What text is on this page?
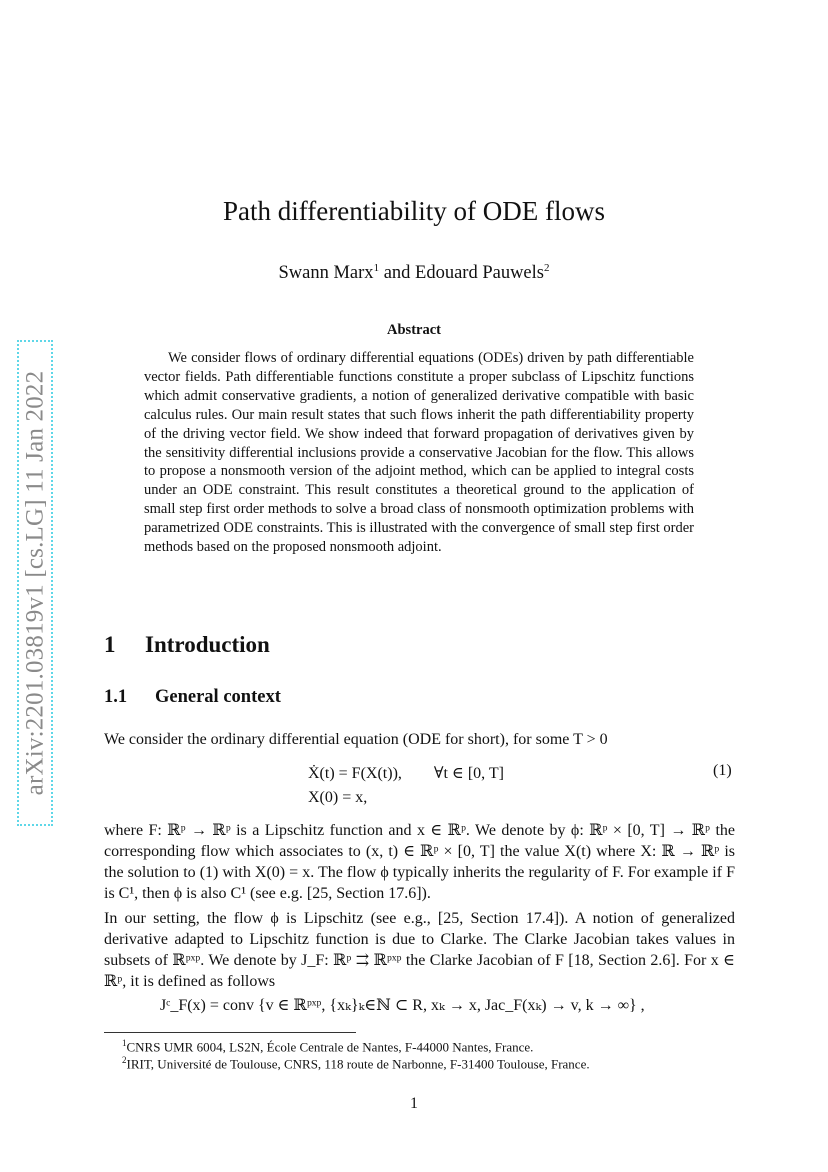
arXiv:2201.03819v1 [cs.LG] 11 Jan 2022
Path differentiability of ODE flows
Swann Marx$^1$ and Edouard Pauwels$^2$
Abstract

We consider flows of ordinary differential equations (ODEs) driven by path differentiable vector fields. Path differentiable functions constitute a proper subclass of Lipschitz functions which admit conservative gradients, a notion of generalized derivative compatible with basic calculus rules. Our main result states that such flows inherit the path differentiability property of the driving vector field. We show indeed that forward propagation of derivatives given by the sensitivity differential inclusions provide a conservative Jacobian for the flow. This allows to propose a nonsmooth version of the adjoint method, which can be applied to integral costs under an ODE constraint. This result constitutes a theoretical ground to the application of small step first order methods to solve a broad class of nonsmooth optimization problems with parametrized ODE constraints. This is illustrated with the convergence of small step first order methods based on the proposed nonsmooth adjoint.

1 Introduction
1.1 General context

We consider the ordinary differential equation (ODE for short), for some T > 0

Ẋ(t) = F(X(t)),        ∀t ∈ [0, T]
X(0) = x,
(1)

where F: ℝᵖ → ℝᵖ is a Lipschitz function and x ∈ ℝᵖ. We denote by ϕ: ℝᵖ × [0, T] → ℝᵖ the corresponding flow which associates to (x, t) ∈ ℝᵖ × [0, T] the value X(t) where X: ℝ → ℝᵖ is the solution to (1) with X(0) = x. The flow ϕ typically inherits the regularity of F. For example if F is C¹, then ϕ is also C¹ (see e.g. [25, Section 17.6]).

In our setting, the flow ϕ is Lipschitz (see e.g., [25, Section 17.4]). A notion of generalized derivative adapted to Lipschitz function is due to Clarke. The Clarke Jacobian takes values in subsets of ℝᵖˣᵖ. We denote by J_F: ℝᵖ ⇉ ℝᵖˣᵖ the Clarke Jacobian of F [18, Section 2.6]. For x ∈ ℝᵖ, it is defined as follows

Jᶜ_F(x) = conv {v ∈ ℝᵖˣᵖ, {xₖ}ₖ∈ℕ ⊂ R, xₖ → x, Jac_F(xₖ) → v, k → ∞} ,
$^1$CNRS UMR 6004, LS2N, École Centrale de Nantes, F-44000 Nantes, France.
$^2$IRIT, Université de Toulouse, CNRS, 118 route de Narbonne, F-31400 Toulouse, France.
1
